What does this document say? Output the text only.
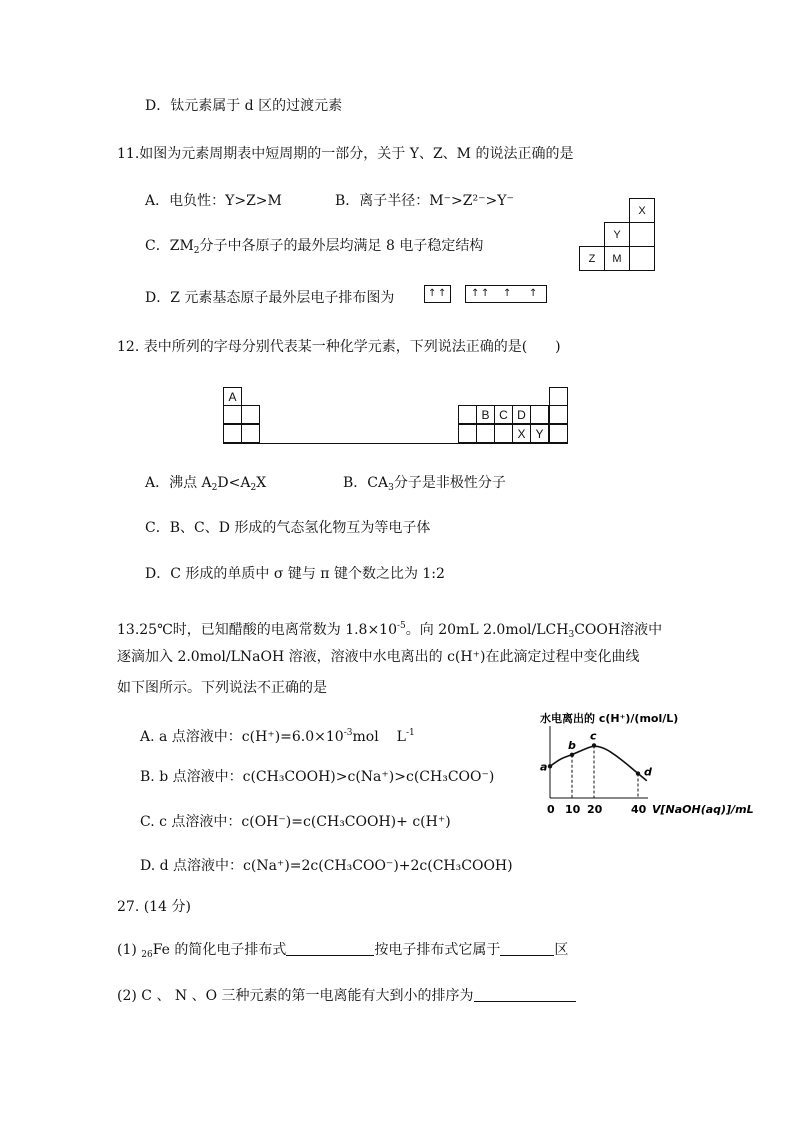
D．钛元素属于 d 区的过渡元素
11.如图为元素周期表中短周期的一部分，关于 Y、Z、M 的说法正确的是
A．电负性：Y>Z>M	B．离子半径：M⁻>Z²⁻>Y⁻
C．$ZM_2$分子中各原子的最外层均满足 8 电子稳定结构
D．Z 元素基态原子最外层电子排布图为	↑ ↑ ↑ ↑ ↑ ↑
X
Y
Z	M
12. 表中所列的字母分别代表某一种化学元素，下列说法正确的是(　　)
A
B C D
X Y
A．沸点 $A_2D<A_2X$	B．$CA_3$分子是非极性分子
C．B、C、D 形成的气态氢化物互为等电子体
D．C 形成的单质中 σ 键与 π 键个数之比为 1:2
13.25℃时，已知醋酸的电离常数为 $1.8\times 10^{-5}$。向 20mL $2.0mol/LCH_3COOH$溶液中
逐滴加入 2.0mol/LNaOH 溶液，溶液中水电离出的 c(H⁺)在此滴定过程中变化曲线
如下图所示。下列说法不正确的是
A. a 点溶液中：$c(H^+)=6.0\times 10^{-3}mol$ ﾠ$L^{-1}$
B. b 点溶液中：c(CH₃COOH)>c(Na⁺)>c(CH₃COO⁻)
C. c 点溶液中：c(OH⁻)=c(CH₃COOH)+ c(H⁺)
D. d 点溶液中：c(Na⁺)=2c(CH₃COO⁻)+2c(CH₃COOH)
水电离出的 c(H⁺)/(mol/L)
a
b
c
d
0 10 20	40 V[NaOH(aq)]/mL
27. (14 分)
(1) $_{26}$Fe 的简化电子排布式	按电子排布式它属于	区
(2) C 、 N 、O 三种元素的第一电离能有大到小的排序为
